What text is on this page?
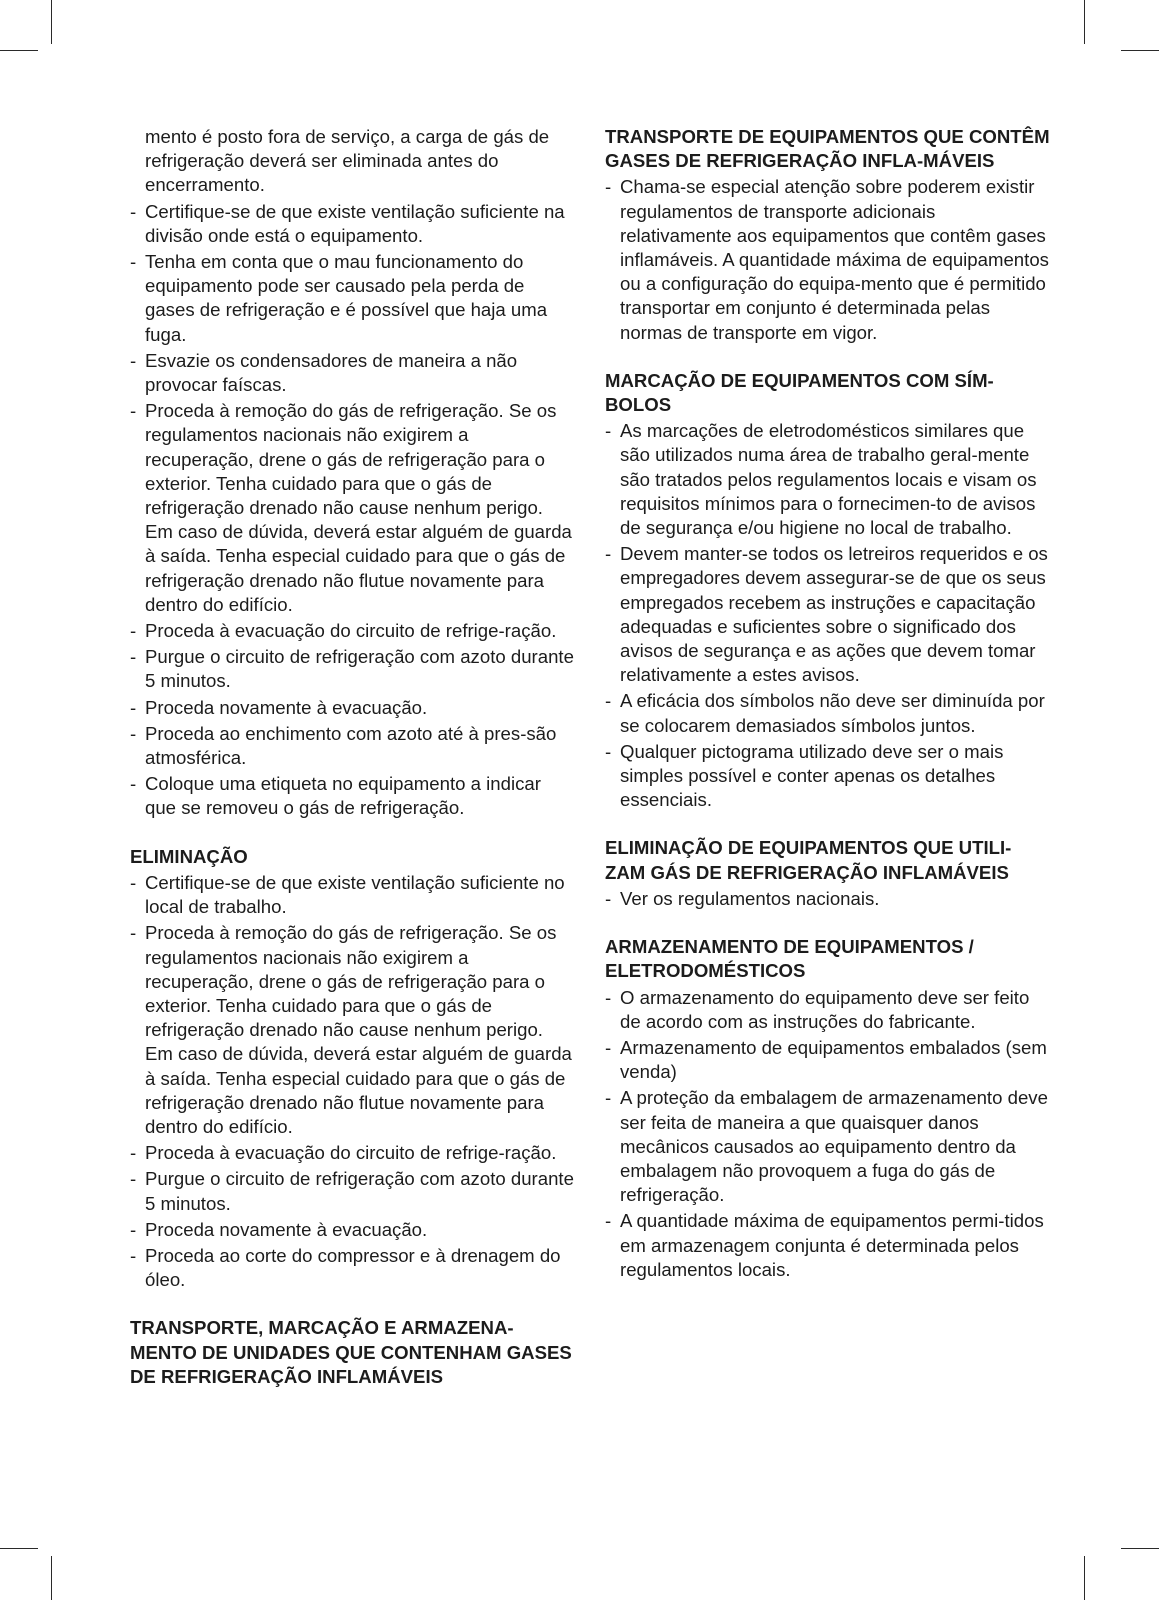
mento é posto fora de serviço, a carga de gás de refrigeração deverá ser eliminada antes do encerramento.

- Certifique-se de que existe ventilação suficiente na divisão onde está o equipamento.
- Tenha em conta que o mau funcionamento do equipamento pode ser causado pela perda de gases de refrigeração e é possível que haja uma fuga.
- Esvazie os condensadores de maneira a não provocar faíscas.
- Proceda à remoção do gás de refrigeração. Se os regulamentos nacionais não exigirem a recuperação, drene o gás de refrigeração para o exterior. Tenha cuidado para que o gás de refrigeração drenado não cause nenhum perigo. Em caso de dúvida, deverá estar alguém de guarda à saída. Tenha especial cuidado para que o gás de refrigeração drenado não flutue novamente para dentro do edifício.
- Proceda à evacuação do circuito de refrige-ração.
- Purgue o circuito de refrigeração com azoto durante 5 minutos.
- Proceda novamente à evacuação.
- Proceda ao enchimento com azoto até à pres-são atmosférica.
- Coloque uma etiqueta no equipamento a indicar que se removeu o gás de refrigeração.

ELIMINAÇÃO

- Certifique-se de que existe ventilação suficiente no local de trabalho.
- Proceda à remoção do gás de refrigeração. Se os regulamentos nacionais não exigirem a recuperação, drene o gás de refrigeração para o exterior. Tenha cuidado para que o gás de refrigeração drenado não cause nenhum perigo. Em caso de dúvida, deverá estar alguém de guarda à saída. Tenha especial cuidado para que o gás de refrigeração drenado não flutue novamente para dentro do edifício.
- Proceda à evacuação do circuito de refrige-ração.
- Purgue o circuito de refrigeração com azoto durante 5 minutos.
- Proceda novamente à evacuação.
- Proceda ao corte do compressor e à drenagem do óleo.

TRANSPORTE, MARCAÇÃO E ARMAZENA-MENTO DE UNIDADES QUE CONTENHAM GASES DE REFRIGERAÇÃO INFLAMÁVEIS

TRANSPORTE DE EQUIPAMENTOS QUE CONTÊM GASES DE REFRIGERAÇÃO INFLA-MÁVEIS

- Chama-se especial atenção sobre poderem existir regulamentos de transporte adicionais relativamente aos equipamentos que contêm gases inflamáveis. A quantidade máxima de equipamentos ou a configuração do equipa-mento que é permitido transportar em conjunto é determinada pelas normas de transporte em vigor.

MARCAÇÃO DE EQUIPAMENTOS COM SÍM-BOLOS

- As marcações de eletrodomésticos similares que são utilizados numa área de trabalho geral-mente são tratados pelos regulamentos locais e visam os requisitos mínimos para o fornecimen-to de avisos de segurança e/ou higiene no local de trabalho.
- Devem manter-se todos os letreiros requeridos e os empregadores devem assegurar-se de que os seus empregados recebem as instruções e capacitação adequadas e suficientes sobre o significado dos avisos de segurança e as ações que devem tomar relativamente a estes avisos.
- A eficácia dos símbolos não deve ser diminuída por se colocarem demasiados símbolos juntos.
- Qualquer pictograma utilizado deve ser o mais simples possível e conter apenas os detalhes essenciais.

ELIMINAÇÃO DE EQUIPAMENTOS QUE UTILI-ZAM GÁS DE REFRIGERAÇÃO INFLAMÁVEIS

- Ver os regulamentos nacionais.

ARMAZENAMENTO DE EQUIPAMENTOS / ELETRODOMÉSTICOS

- O armazenamento do equipamento deve ser feito de acordo com as instruções do fabricante.
- Armazenamento de equipamentos embalados (sem venda)
- A proteção da embalagem de armazenamento deve ser feita de maneira a que quaisquer danos mecânicos causados ao equipamento dentro da embalagem não provoquem a fuga do gás de refrigeração.
- A quantidade máxima de equipamentos permi-tidos em armazenagem conjunta é determinada pelos regulamentos locais.
